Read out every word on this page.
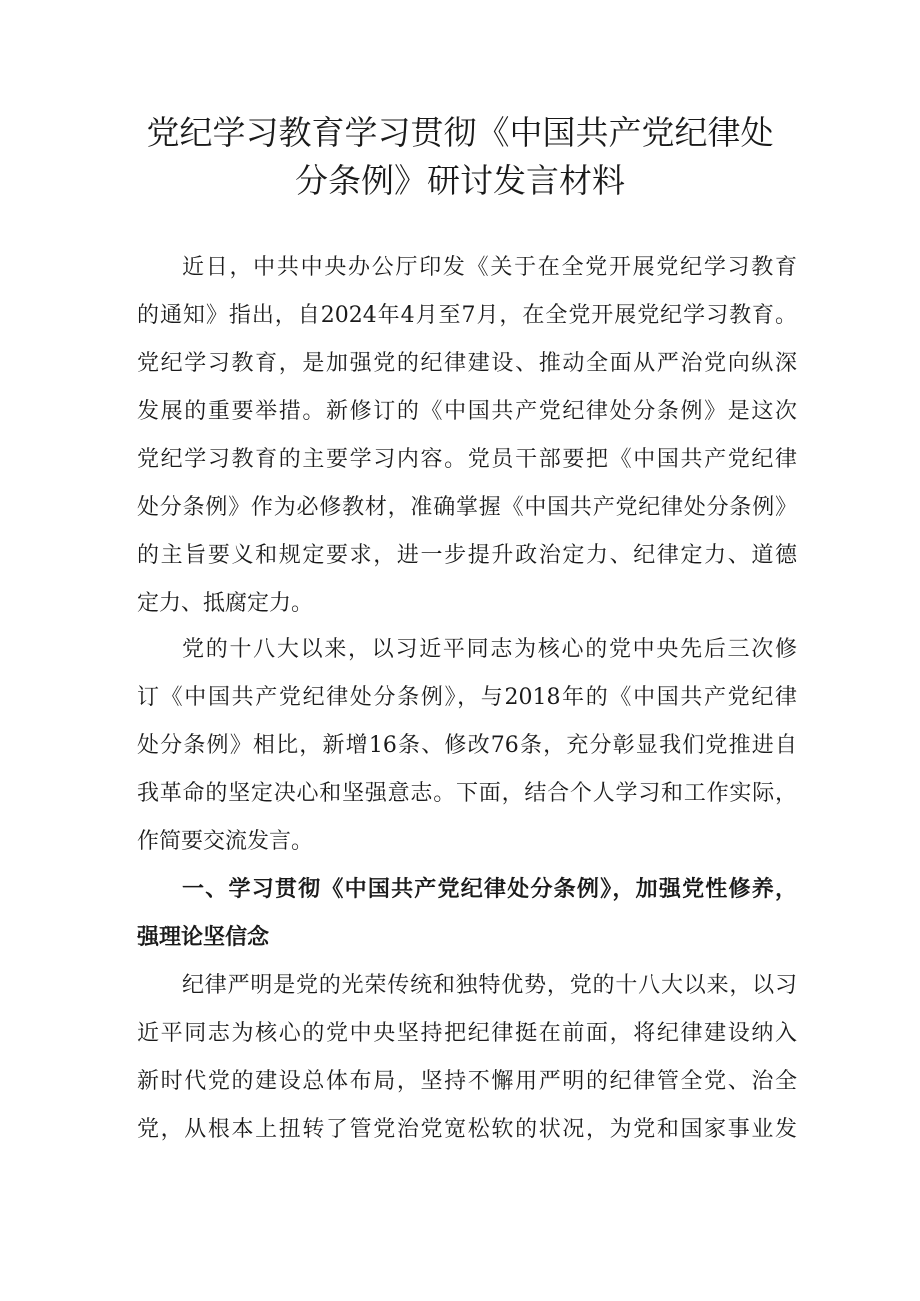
党纪学习教育学习贯彻《中国共产党纪律处
分条例》研讨发言材料
近日，中共中央办公厅印发《关于在全党开展党纪学习教育
的通知》指出，自2024年4月至7月，在全党开展党纪学习教育。
党纪学习教育，是加强党的纪律建设、推动全面从严治党向纵深
发展的重要举措。新修订的《中国共产党纪律处分条例》是这次
党纪学习教育的主要学习内容。党员干部要把《中国共产党纪律
处分条例》作为必修教材，准确掌握《中国共产党纪律处分条例》
的主旨要义和规定要求，进一步提升政治定力、纪律定力、道德
定力、抵腐定力。
党的十八大以来，以习近平同志为核心的党中央先后三次修
订《中国共产党纪律处分条例》，与2018年的《中国共产党纪律
处分条例》相比，新增16条、修改76条，充分彰显我们党推进自
我革命的坚定决心和坚强意志。下面，结合个人学习和工作实际，
作简要交流发言。
一、学习贯彻《中国共产党纪律处分条例》，加强党性修养，
强理论坚信念
纪律严明是党的光荣传统和独特优势，党的十八大以来，以习
近平同志为核心的党中央坚持把纪律挺在前面，将纪律建设纳入
新时代党的建设总体布局，坚持不懈用严明的纪律管全党、治全
党，从根本上扭转了管党治党宽松软的状况，为党和国家事业发
